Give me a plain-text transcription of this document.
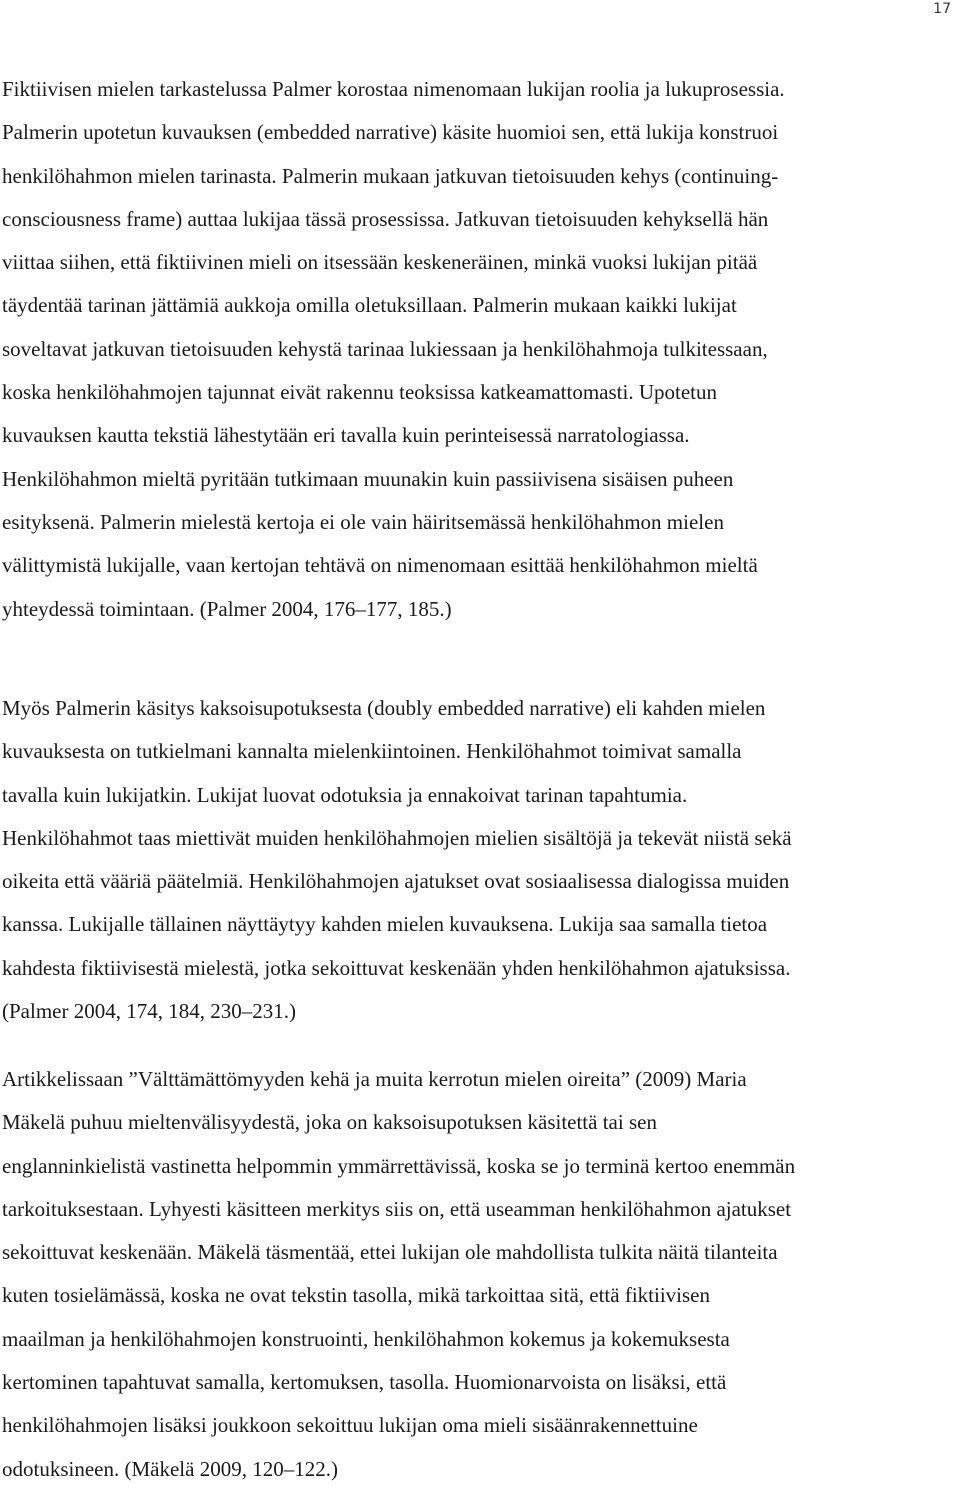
17
Fiktiivisen mielen tarkastelussa Palmer korostaa nimenomaan lukijan roolia ja lukuprosessia.
Palmerin upotetun kuvauksen (embedded narrative) käsite huomioi sen, että lukija konstruoi
henkilöhahmon mielen tarinasta. Palmerin mukaan jatkuvan tietoisuuden kehys (continuing-
consciousness frame) auttaa lukijaa tässä prosessissa. Jatkuvan tietoisuuden kehyksellä hän
viittaa siihen, että fiktiivinen mieli on itsessään keskeneräinen, minkä vuoksi lukijan pitää
täydentää tarinan jättämiä aukkoja omilla oletuksillaan. Palmerin mukaan kaikki lukijat
soveltavat jatkuvan tietoisuuden kehystä tarinaa lukiessaan ja henkilöhahmoja tulkitessaan,
koska henkilöhahmojen tajunnat eivät rakennu teoksissa katkeamattomasti. Upotetun
kuvauksen kautta tekstiä lähestytään eri tavalla kuin perinteisessä narratologiassa.
Henkilöhahmon mieltä pyritään tutkimaan muunakin kuin passiivisena sisäisen puheen
esityksenä. Palmerin mielestä kertoja ei ole vain häiritsemässä henkilöhahmon mielen
välittymistä lukijalle, vaan kertojan tehtävä on nimenomaan esittää henkilöhahmon mieltä
yhteydessä toimintaan. (Palmer 2004, 176–177, 185.)
Myös Palmerin käsitys kaksoisupotuksesta (doubly embedded narrative) eli kahden mielen
kuvauksesta on tutkielmani kannalta mielenkiintoinen. Henkilöhahmot toimivat samalla
tavalla kuin lukijatkin. Lukijat luovat odotuksia ja ennakoivat tarinan tapahtumia.
Henkilöhahmot taas miettivät muiden henkilöhahmojen mielien sisältöjä ja tekevät niistä sekä
oikeita että vääriä päätelmiä. Henkilöhahmojen ajatukset ovat sosiaalisessa dialogissa muiden
kanssa. Lukijalle tällainen näyttäytyy kahden mielen kuvauksena. Lukija saa samalla tietoa
kahdesta fiktiivisestä mielestä, jotka sekoittuvat keskenään yhden henkilöhahmon ajatuksissa.
(Palmer 2004, 174, 184, 230–231.)
Artikkelissaan ”Välttämättömyyden kehä ja muita kerrotun mielen oireita” (2009) Maria
Mäkelä puhuu mieltenvälisyydestä, joka on kaksoisupotuksen käsitettä tai sen
englanninkielistä vastinetta helpommin ymmärrettävissä, koska se jo terminä kertoo enemmän
tarkoituksestaan. Lyhyesti käsitteen merkitys siis on, että useamman henkilöhahmon ajatukset
sekoittuvat keskenään. Mäkelä täsmentää, ettei lukijan ole mahdollista tulkita näitä tilanteita
kuten tosielämässä, koska ne ovat tekstin tasolla, mikä tarkoittaa sitä, että fiktiivisen
maailman ja henkilöhahmojen konstruointi, henkilöhahmon kokemus ja kokemuksesta
kertominen tapahtuvat samalla, kertomuksen, tasolla. Huomionarvoista on lisäksi, että
henkilöhahmojen lisäksi joukkoon sekoittuu lukijan oma mieli sisäänrakennettuine
odotuksineen. (Mäkelä 2009, 120–122.)
